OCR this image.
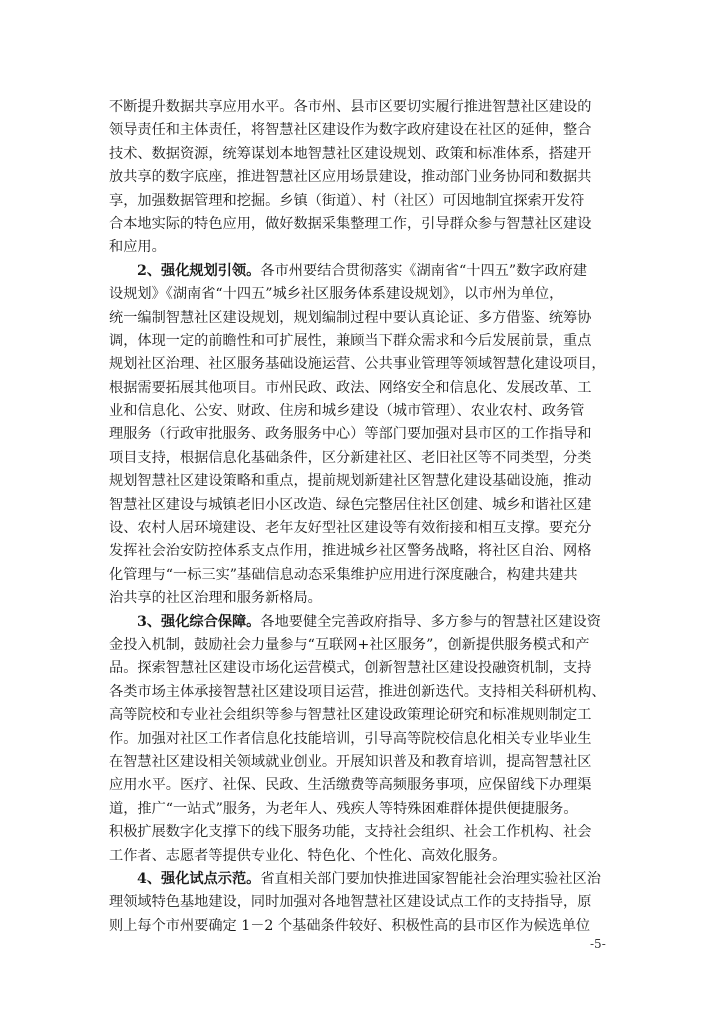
不断提升数据共享应用水平。各市州、县市区要切实履行推进智慧社区建设的
领导责任和主体责任，将智慧社区建设作为数字政府建设在社区的延伸，整合
技术、数据资源，统筹谋划本地智慧社区建设规划、政策和标准体系，搭建开
放共享的数字底座，推进智慧社区应用场景建设，推动部门业务协同和数据共
享，加强数据管理和挖掘。乡镇（街道）、村（社区）可因地制宜探索开发符
合本地实际的特色应用，做好数据采集整理工作，引导群众参与智慧社区建设
和应用。
2、强化规划引领。各市州要结合贯彻落实《湖南省“十四五”数字政府建
设规划》《湖南省“十四五”城乡社区服务体系建设规划》，以市州为单位，
统一编制智慧社区建设规划，规划编制过程中要认真论证、多方借鉴、统筹协
调，体现一定的前瞻性和可扩展性，兼顾当下群众需求和今后发展前景，重点
规划社区治理、社区服务基础设施运营、公共事业管理等领域智慧化建设项目，
根据需要拓展其他项目。市州民政、政法、网络安全和信息化、发展改革、工
业和信息化、公安、财政、住房和城乡建设（城市管理）、农业农村、政务管
理服务（行政审批服务、政务服务中心）等部门要加强对县市区的工作指导和
项目支持，根据信息化基础条件，区分新建社区、老旧社区等不同类型，分类
规划智慧社区建设策略和重点，提前规划新建社区智慧化建设基础设施，推动
智慧社区建设与城镇老旧小区改造、绿色完整居住社区创建、城乡和谐社区建
设、农村人居环境建设、老年友好型社区建设等有效衔接和相互支撑。要充分
发挥社会治安防控体系支点作用，推进城乡社区警务战略，将社区自治、网格
化管理与“一标三实”基础信息动态采集维护应用进行深度融合，构建共建共
治共享的社区治理和服务新格局。
3、强化综合保障。各地要健全完善政府指导、多方参与的智慧社区建设资
金投入机制，鼓励社会力量参与“互联网+社区服务”，创新提供服务模式和产
品。探索智慧社区建设市场化运营模式，创新智慧社区建设投融资机制，支持
各类市场主体承接智慧社区建设项目运营，推进创新迭代。支持相关科研机构、
高等院校和专业社会组织等参与智慧社区建设政策理论研究和标准规则制定工
作。加强对社区工作者信息化技能培训，引导高等院校信息化相关专业毕业生
在智慧社区建设相关领域就业创业。开展知识普及和教育培训，提高智慧社区
应用水平。医疗、社保、民政、生活缴费等高频服务事项，应保留线下办理渠
道，推广“一站式”服务，为老年人、残疾人等特殊困难群体提供便捷服务。
积极扩展数字化支撑下的线下服务功能，支持社会组织、社会工作机构、社会
工作者、志愿者等提供专业化、特色化、个性化、高效化服务。
4、强化试点示范。省直相关部门要加快推进国家智能社会治理实验社区治
理领域特色基地建设，同时加强对各地智慧社区建设试点工作的支持指导，原
则上每个市州要确定 1－2 个基础条件较好、积极性高的县市区作为候选单位
-5-
